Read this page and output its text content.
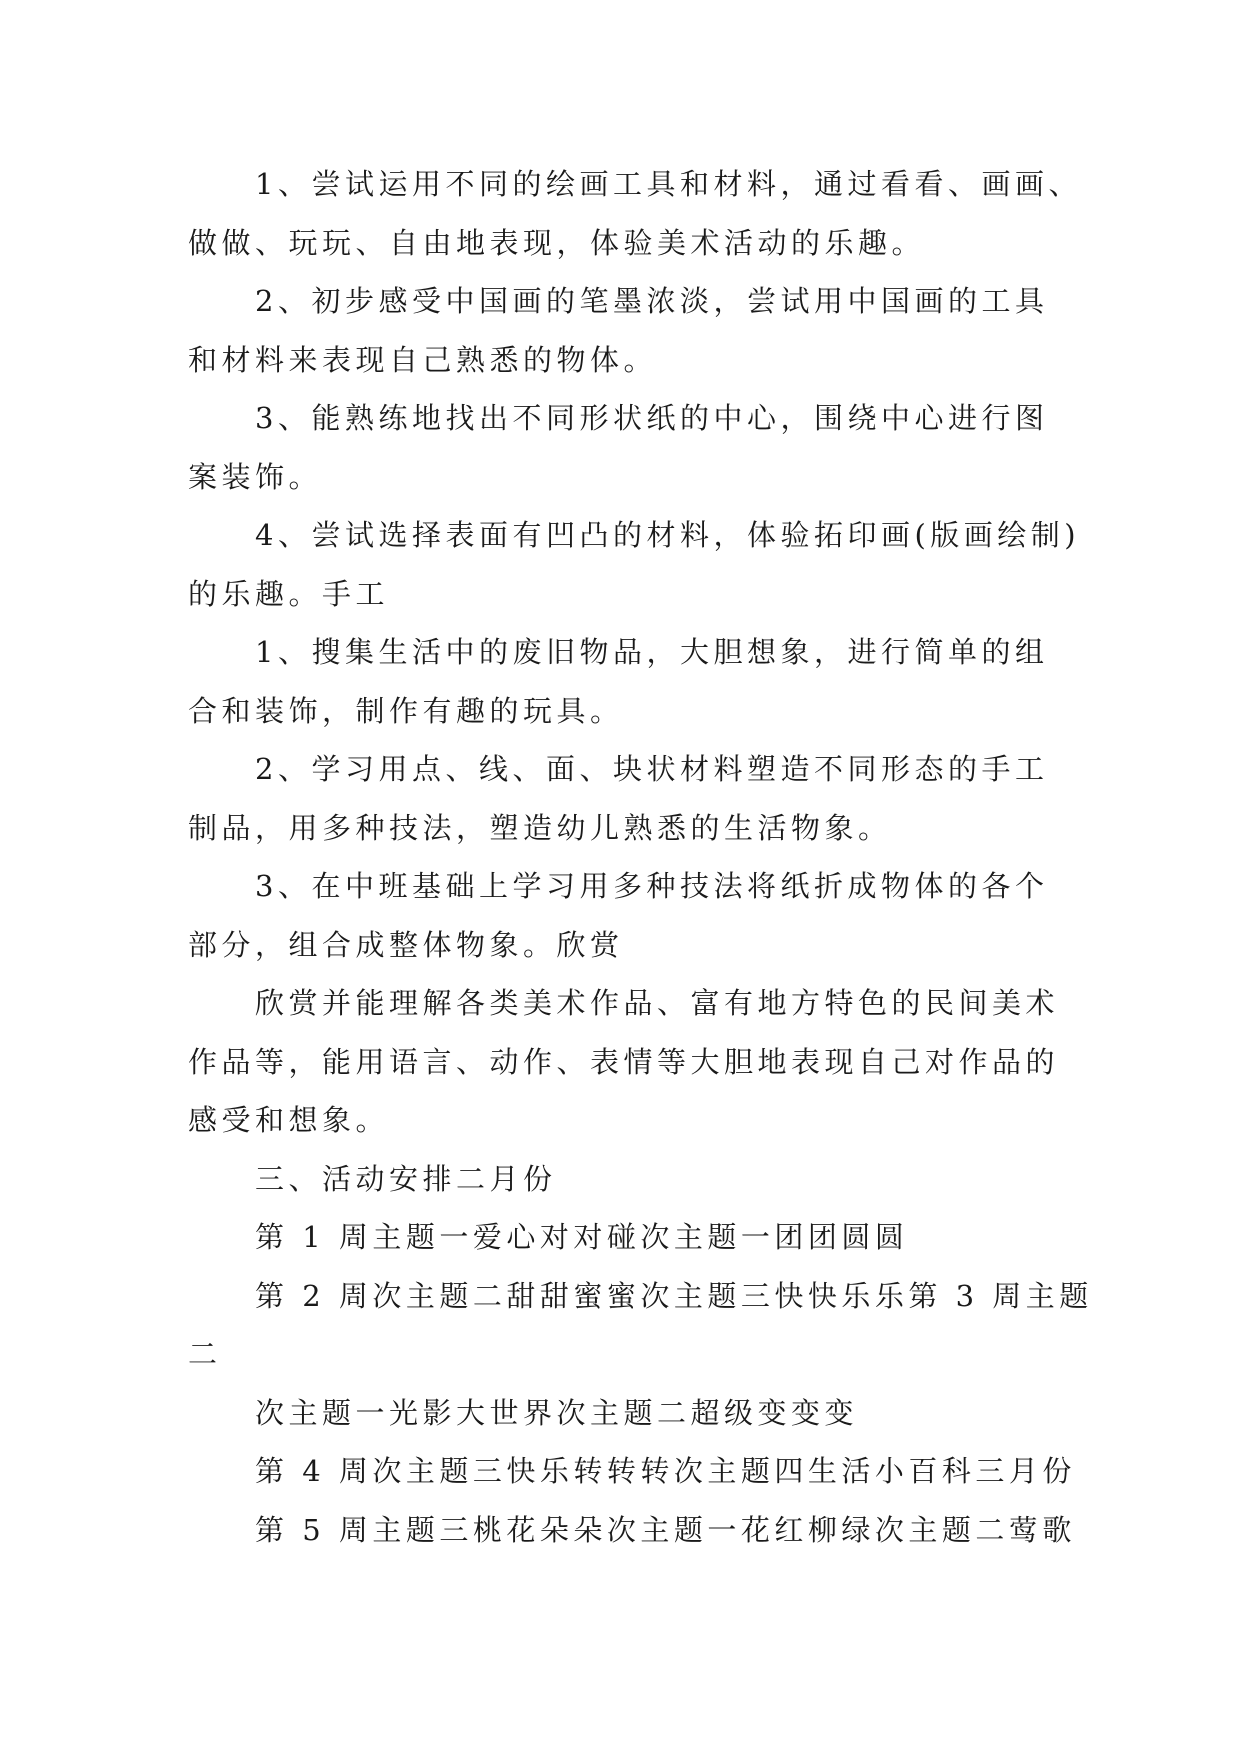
1、尝试运用不同的绘画工具和材料，通过看看、画画、
做做、玩玩、自由地表现，体验美术活动的乐趣。
2、初步感受中国画的笔墨浓淡，尝试用中国画的工具
和材料来表现自己熟悉的物体。
3、能熟练地找出不同形状纸的中心，围绕中心进行图
案装饰。
4、尝试选择表面有凹凸的材料，体验拓印画(版画绘制)
的乐趣。手工
1、搜集生活中的废旧物品，大胆想象，进行简单的组
合和装饰，制作有趣的玩具。
2、学习用点、线、面、块状材料塑造不同形态的手工
制品，用多种技法，塑造幼儿熟悉的生活物象。
3、在中班基础上学习用多种技法将纸折成物体的各个
部分，组合成整体物象。欣赏
欣赏并能理解各类美术作品、富有地方特色的民间美术
作品等，能用语言、动作、表情等大胆地表现自己对作品的
感受和想象。
三、活动安排二月份
第 1 周主题一爱心对对碰次主题一团团圆圆
第 2 周次主题二甜甜蜜蜜次主题三快快乐乐第 3 周主题
二
次主题一光影大世界次主题二超级变变变
第 4 周次主题三快乐转转转次主题四生活小百科三月份
第 5 周主题三桃花朵朵次主题一花红柳绿次主题二莺歌
